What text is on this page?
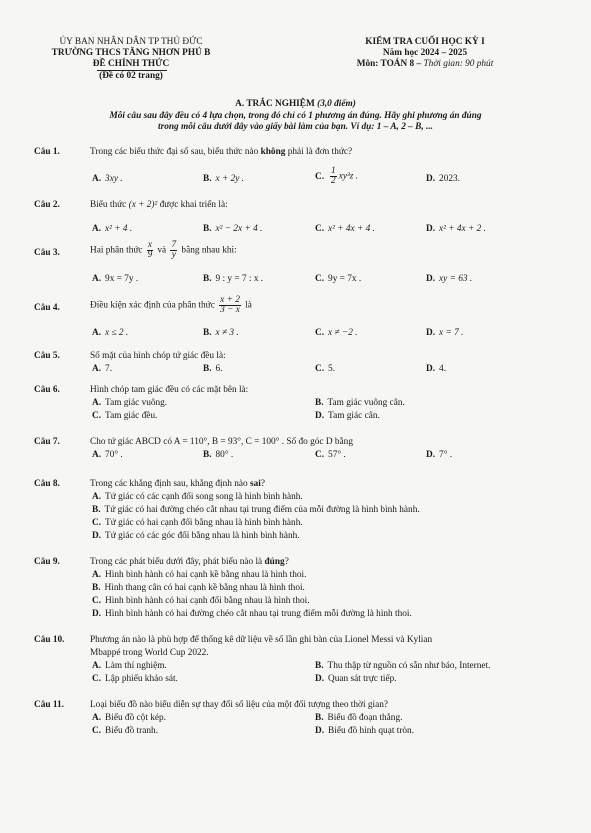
ỦY BAN NHÂN DÂN TP THỦ ĐỨC
TRƯỜNG THCS TĂNG NHƠN PHÚ B
ĐỀ CHÍNH THỨC
(Đề có 02 trang)
KIỂM TRA CUỐI HỌC KỲ I
Năm học 2024 – 2025
Môn: TOÁN 8 – Thời gian: 90 phút
A. TRẮC NGHIỆM (3,0 điểm)
Mỗi câu sau đây đều có 4 lựa chọn, trong đó chỉ có 1 phương án đúng. Hãy ghi phương án đúng
trong mỗi câu dưới đây vào giấy bài làm của bạn. Ví dụ: 1 – A, 2 – B, ...
Câu 1.	Trong các biểu thức đại số sau, biểu thức nào không phải là đơn thức?
A. 3xy .	B. x + 2y .	C. $\frac{1}{2} xy^3z$ .	D. 2023.
Câu 2.	Biểu thức (x + 2)² được khai triển là:
A. x² + 4 .	B. x² − 2x + 4 .	C. x² + 4x + 4 .	D. x² + 4x + 2 .
Câu 3.	Hai phân thức $\frac{x}{9}$ và $\frac{7}{y}$ bằng nhau khi:
A. 9x = 7y .	B. 9 : y = 7 : x .	C. 9y = 7x .	D. xy = 63 .
Câu 4.	Điều kiện xác định của phân thức $\frac{x + 2}{3 - x}$ là
A. x ≤ 2 .	B. x ≠ 3 .	C. x ≠ −2 .	D. x = 7 .
Câu 5.	Số mặt của hình chóp tứ giác đều là:
A. 7.	B. 6.	C. 5.	D. 4.
Câu 6.	Hình chóp tam giác đều có các mặt bên là:
A. Tam giác vuông.	B. Tam giác vuông cân.
C. Tam giác đều.	D. Tam giác cân.
Câu 7.	Cho tứ giác ABCD có A = 110°, B = 93°, C = 100° . Số đo góc D bằng
A. 70° .	B. 80° .	C. 57° .	D. 7° .
Câu 8.	Trong các khẳng định sau, khẳng định nào sai?
A. Tứ giác có các cạnh đối song song là hình bình hành.
B. Tứ giác có hai đường chéo cắt nhau tại trung điểm của mỗi đường là hình bình hành.
C. Tứ giác có hai cạnh đối bằng nhau là hình bình hành.
D. Tứ giác có các góc đối bằng nhau là hình bình hành.
Câu 9.	Trong các phát biểu dưới đây, phát biểu nào là đúng?
A. Hình bình hành có hai cạnh kề bằng nhau là hình thoi.
B. Hình thang cân có hai cạnh kề bằng nhau là hình thoi.
C. Hình bình hành có hai cạnh đối bằng nhau là hình thoi.
D. Hình bình hành có hai đường chéo cắt nhau tại trung điểm mỗi đường là hình thoi.
Câu 10.	Phương án nào là phù hợp để thống kê dữ liệu về số lần ghi bàn của Lionel Messi và Kylian
Mbappé trong World Cup 2022.
A. Làm thí nghiệm.	B. Thu thập từ nguồn có sẵn như báo, Internet.
C. Lập phiếu khảo sát.	D. Quan sát trực tiếp.
Câu 11.	Loại biểu đồ nào biểu diễn sự thay đổi số liệu của một đối tượng theo thời gian?
A. Biểu đồ cột kép.	B. Biểu đồ đoạn thẳng.
C. Biểu đồ tranh.	D. Biểu đồ hình quạt tròn.
